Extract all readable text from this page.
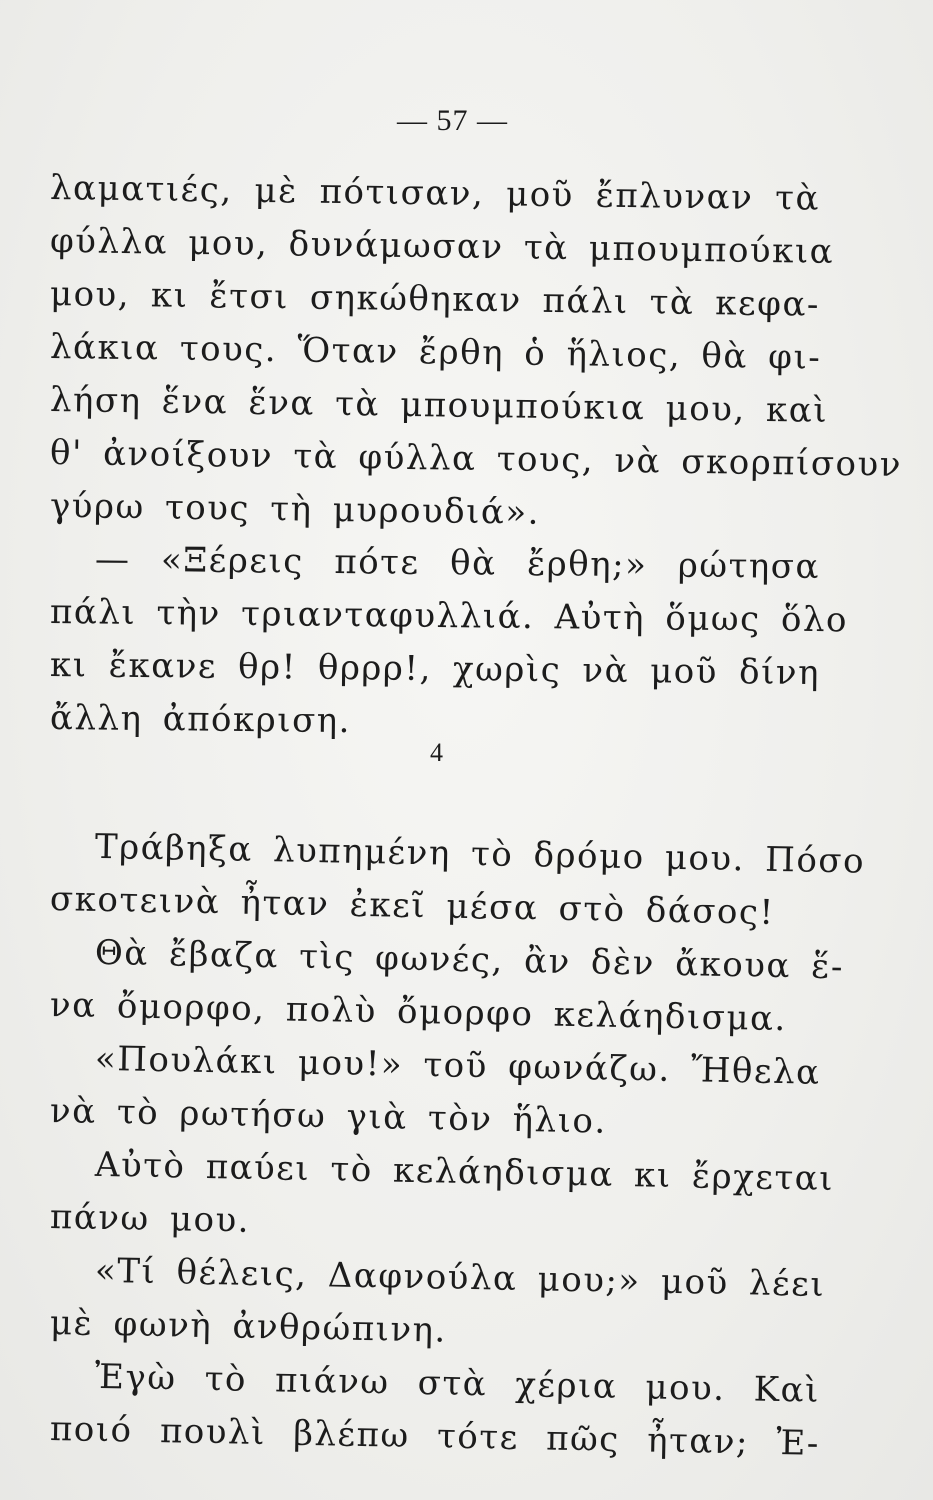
— 57 —
λαματιές, μὲ πότισαν, μοῦ ἔπλυναν τὰ
φύλλα μου, δυνάμωσαν τὰ μπουμπούκια
μου, κι ἔτσι σηκώθηκαν πάλι τὰ κεφα-
λάκια τους. Ὅταν ἔρθη ὁ ἥλιος, θὰ φι-
λήση ἕνα ἕνα τὰ μπουμπούκια μου, καὶ
θ' ἀνοίξουν τὰ φύλλα τους, νὰ σκορπίσουν
γύρω τους τὴ μυρουδιά».
— «Ξέρεις πότε θὰ ἔρθη;» ρώτησα
πάλι τὴν τριανταφυλλιά. Αὐτὴ ὅμως ὅλο
κι ἔκανε θρ! θρρρ!, χωρὶς νὰ μοῦ δίνη
ἄλλη ἀπόκριση.
4
Τράβηξα λυπημένη τὸ δρόμο μου. Πόσο
σκοτεινὰ ἦταν ἐκεῖ μέσα στὸ δάσος!
Θὰ ἔβαζα τὶς φωνές, ἂν δὲν ἄκουα ἕ-
να ὄμορφο, πολὺ ὄμορφο κελάηδισμα.
«Πουλάκι μου!» τοῦ φωνάζω. Ἤθελα
νὰ τὸ ρωτήσω γιὰ τὸν ἥλιο.
Αὐτὸ παύει τὸ κελάηδισμα κι ἔρχεται
πάνω μου.
«Τί θέλεις, Δαφνούλα μου;» μοῦ λέει
μὲ φωνὴ ἀνθρώπινη.
Ἐγὼ τὸ πιάνω στὰ χέρια μου. Καὶ
ποιό πουλὶ βλέπω τότε πῶς ἦταν; Ἐ-
